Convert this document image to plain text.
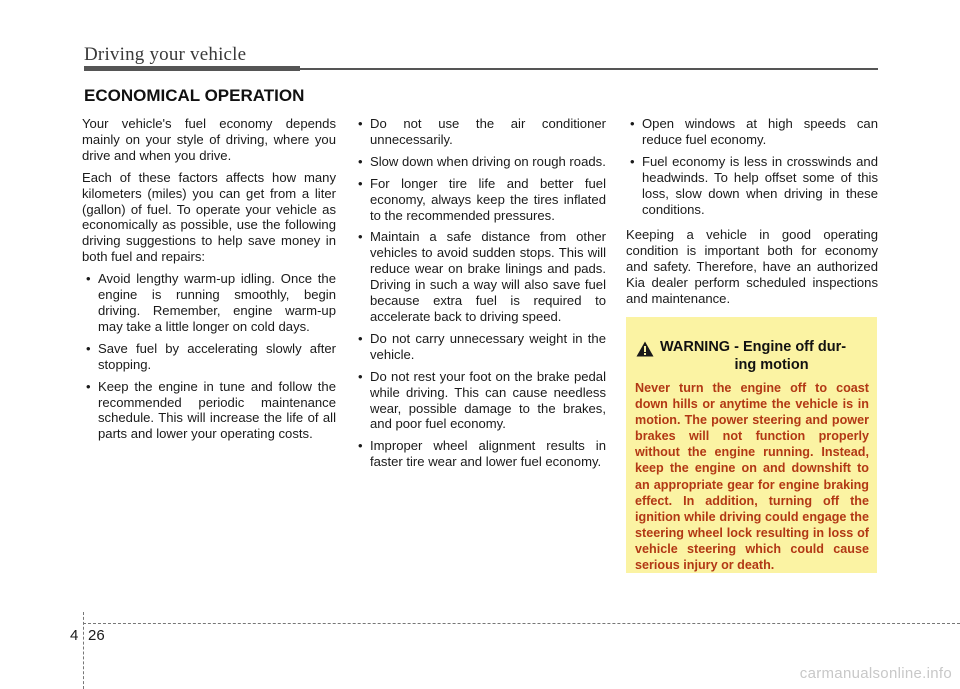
Driving your vehicle
ECONOMICAL OPERATION

Your vehicle's fuel economy depends mainly on your style of driving, where you drive and when you drive.

Each of these factors affects how many kilometers (miles) you can get from a liter (gallon) of fuel. To operate your vehicle as economically as possible, use the following driving suggestions to help save money in both fuel and repairs:

• Avoid lengthy warm-up idling. Once the engine is running smoothly, begin driving. Remember, engine warm-up may take a little longer on cold days.
• Save fuel by accelerating slowly after stopping.
• Keep the engine in tune and follow the recommended periodic maintenance schedule. This will increase the life of all parts and lower your operating costs.
• Do not use the air conditioner unnecessarily.
• Slow down when driving on rough roads.
• For longer tire life and better fuel economy, always keep the tires inflated to the recommended pressures.
• Maintain a safe distance from other vehicles to avoid sudden stops. This will reduce wear on brake linings and pads. Driving in such a way will also save fuel because extra fuel is required to accelerate back to driving speed.
• Do not carry unnecessary weight in the vehicle.
• Do not rest your foot on the brake pedal while driving. This can cause needless wear, possible damage to the brakes, and poor fuel economy.
• Improper wheel alignment results in faster tire wear and lower fuel economy.
• Open windows at high speeds can reduce fuel economy.
• Fuel economy is less in crosswinds and headwinds. To help offset some of this loss, slow down when driving in these conditions.

Keeping a vehicle in good operating condition is important both for economy and safety. Therefore, have an authorized Kia dealer perform scheduled inspections and maintenance.

WARNING - Engine off dur-
ing motion
Never turn the engine off to coast down hills or anytime the vehicle is in motion. The power steering and power brakes will not function properly without the engine running. Instead, keep the engine on and downshift to an appropriate gear for engine braking effect. In addition, turning off the ignition while driving could engage the steering wheel lock resulting in loss of vehicle steering which could cause serious injury or death.
4 26
carmanualsonline.info
